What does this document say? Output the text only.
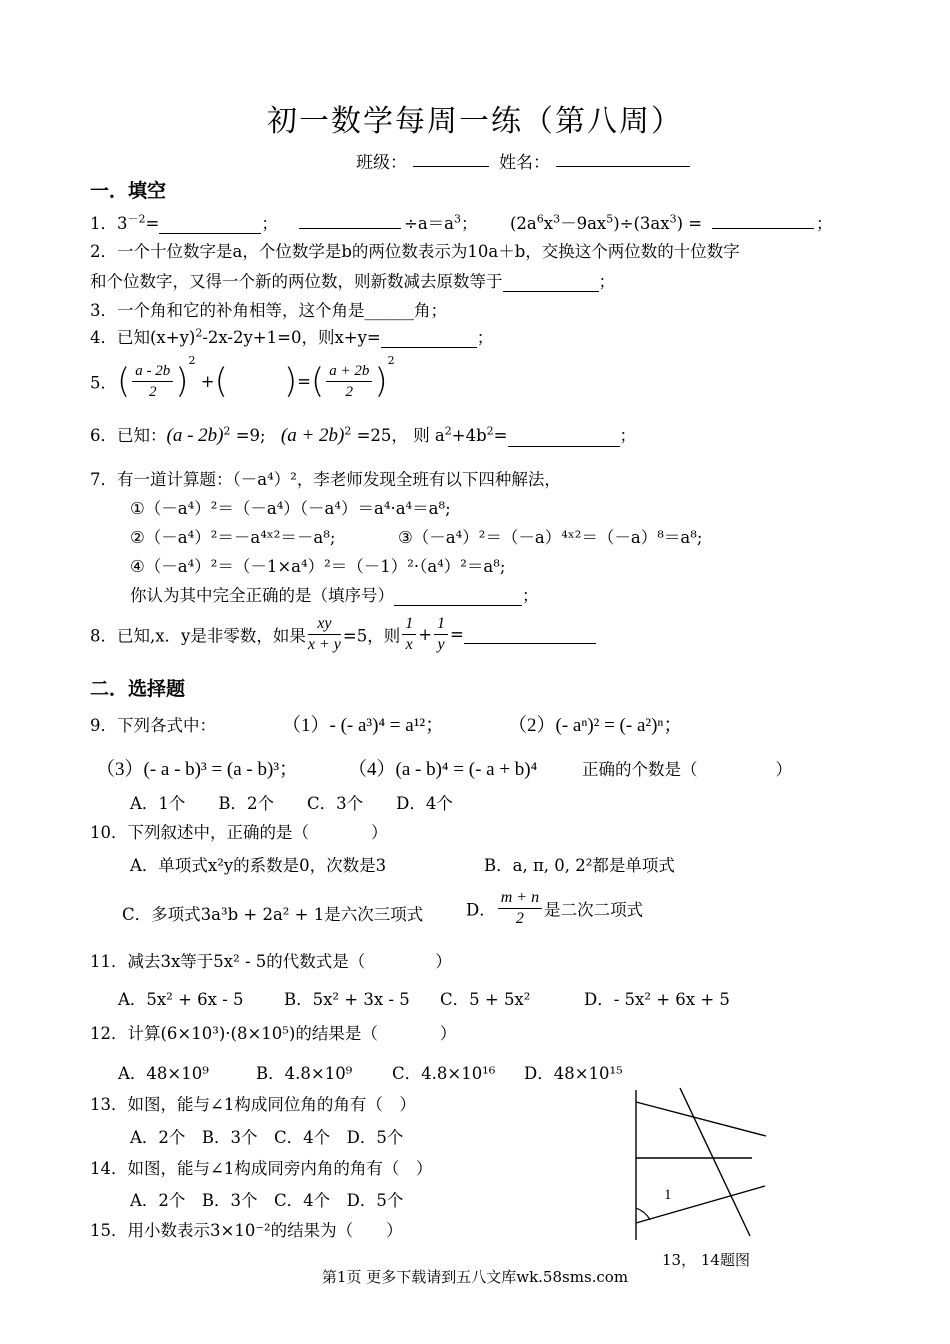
初一数学每周一练（第八周）
班级：	姓名：
一．填空
1．$3^{-2}=$	；	$\div a=a^3$； $(2a^6x^3-9ax^5)\div(3ax^3)$ =	；
2．一个十位数字是a，个位数学是b的两位数表示为10a＋b，交换这个两位数的十位数字
和个位数字，又得一个新的两位数，则新数减去原数等于	；
3．一个角和它的补角相等，这个角是______角；
4．已知$(x+y)^2-2x-2y+1=0$，则x+y=	；
5．( $\frac{a - 2b}{2} )^2$ +( )=( $\frac{a + 2b}{2} )^2$
6．已知：(a - 2b)$^2$ =9; $(a + 2b)^2 =25$， 则 $a^2+4b^2=$	；
7．有一道计算题：（－a⁴）²，李老师发现全班有以下四种解法，
①（－a⁴）²＝（－a⁴）（－a⁴）＝a⁴·a⁴＝a⁸;
②（－a⁴）²＝－a⁴ˣ²＝－a⁸;	③（－a⁴）²＝（－a）⁴ˣ²＝（－a）⁸＝a⁸;
④（－a⁴）²＝（－1×a⁴）²＝（－1）²·（a⁴）²＝a⁸;
你认为其中完全正确的是（填序号）	；
8．已知,x．y是非零数，如果 $\frac{xy}{x + y} =5$，则 $\frac{1}{x} + \frac{1}{y}$ =
二．选择题
9．下列各式中：	（1）- (- a³)⁴ = a¹²；	（2）(- aⁿ)² = (- a²)ⁿ；
（3）(- a - b)³ = (a - b)³；	（4）(a - b)⁴ = (- a + b)⁴	正确的个数是（	）
A．1个　　B．2个　　C．3个　　D．4个
10．下列叙述中，正确的是（	）
A．单项式x²y的系数是0，次数是3	B．a, π, 0, 2²都是单项式
C．多项式3a³b + 2a² + 1是六次三项式	D． $\frac{m + n}{2}$ 是二次二项式
11．减去3x等于5x² - 5的代数式是（	）
A．5x² + 6x - 5 B．5x² + 3x - 5 C．5 + 5x²	D．- 5x² + 6x + 5
12．计算(6×10³)·(8×10⁵)的结果是（	）
A．48×10⁹	B．4.8×10⁹ C．4.8×10¹⁶ D．48×10¹⁵
13．如图，能与∠1构成同位角的角有（　）
A．2个　B．3个　C．4个　D．5个
14．如图，能与∠1构成同旁内角的角有（　）
A．2个　B．3个　C．4个　D．5个
15．用小数表示3×10⁻²的结果为（　　）
1
13， 14题图
第1页 更多下载请到五八文库wk.58sms.com
